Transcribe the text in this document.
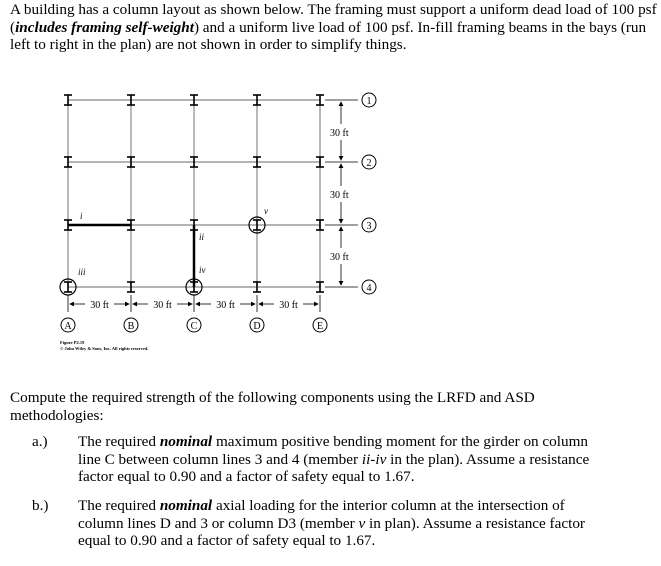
A building has a column layout as shown below. The framing must support a uniform dead load of 100 psf (includes framing self-weight) and a uniform live load of 100 psf. In-fill framing beams in the bays (run left to right in the plan) are not shown in order to simplify things.
i
ii
iii	iv
v
30 ft
30 ft
30 ft
1
2
3
4
30 ft	30 ft	30 ft	30 ft
A	B	C	D	E
Figure P2.19
© John Wiley & Sons, Inc. All rights reserved.
Compute the required strength of the following components using the LRFD and ASD methodologies:
a.) The required nominal maximum positive bending moment for the girder on column line C between column lines 3 and 4 (member ii-iv in the plan). Assume a resistance factor equal to 0.90 and a factor of safety equal to 1.67.
b.) The required nominal axial loading for the interior column at the intersection of column lines D and 3 or column D3 (member v in plan). Assume a resistance factor equal to 0.90 and a factor of safety equal to 1.67.
